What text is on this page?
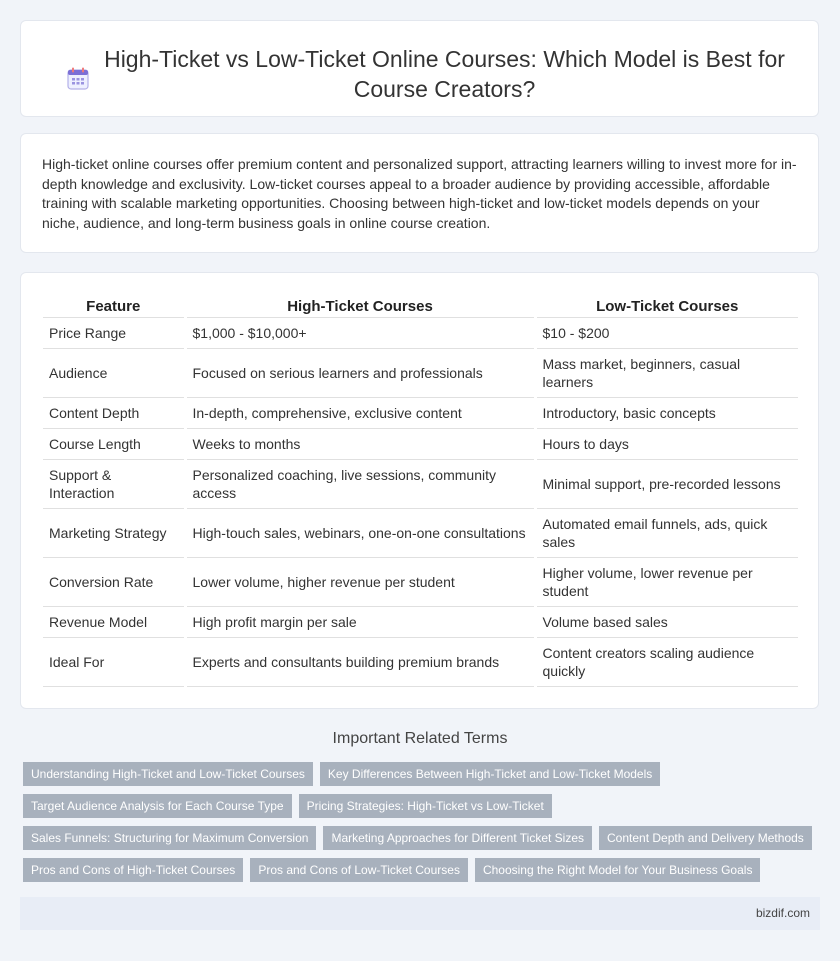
High-Ticket vs Low-Ticket Online Courses: Which Model is Best for Course Creators?

High-ticket online courses offer premium content and personalized support, attracting learners willing to invest more for in-depth knowledge and exclusivity. Low-ticket courses appeal to a broader audience by providing accessible, affordable training with scalable marketing opportunities. Choosing between high-ticket and low-ticket models depends on your niche, audience, and long-term business goals in online course creation.

Feature	High-Ticket Courses	Low-Ticket Courses
Price Range	$1,000 - $10,000+	$10 - $200
Audience	Focused on serious learners and professionals	Mass market, beginners, casual learners
Content Depth	In-depth, comprehensive, exclusive content	Introductory, basic concepts
Course Length	Weeks to months	Hours to days
Support & Interaction	Personalized coaching, live sessions, community access	Minimal support, pre-recorded lessons
Marketing Strategy	High-touch sales, webinars, one-on-one consultations	Automated email funnels, ads, quick sales
Conversion Rate	Lower volume, higher revenue per student	Higher volume, lower revenue per student
Revenue Model	High profit margin per sale	Volume based sales
Ideal For	Experts and consultants building premium brands	Content creators scaling audience quickly
Important Related Terms
Understanding High-Ticket and Low-Ticket Courses Key Differences Between High-Ticket and Low-Ticket Models
Target Audience Analysis for Each Course Type Pricing Strategies: High-Ticket vs Low-Ticket
Sales Funnels: Structuring for Maximum Conversion Marketing Approaches for Different Ticket Sizes Content Depth and Delivery Methods
Pros and Cons of High-Ticket Courses Pros and Cons of Low-Ticket Courses Choosing the Right Model for Your Business Goals
bizdif.com
